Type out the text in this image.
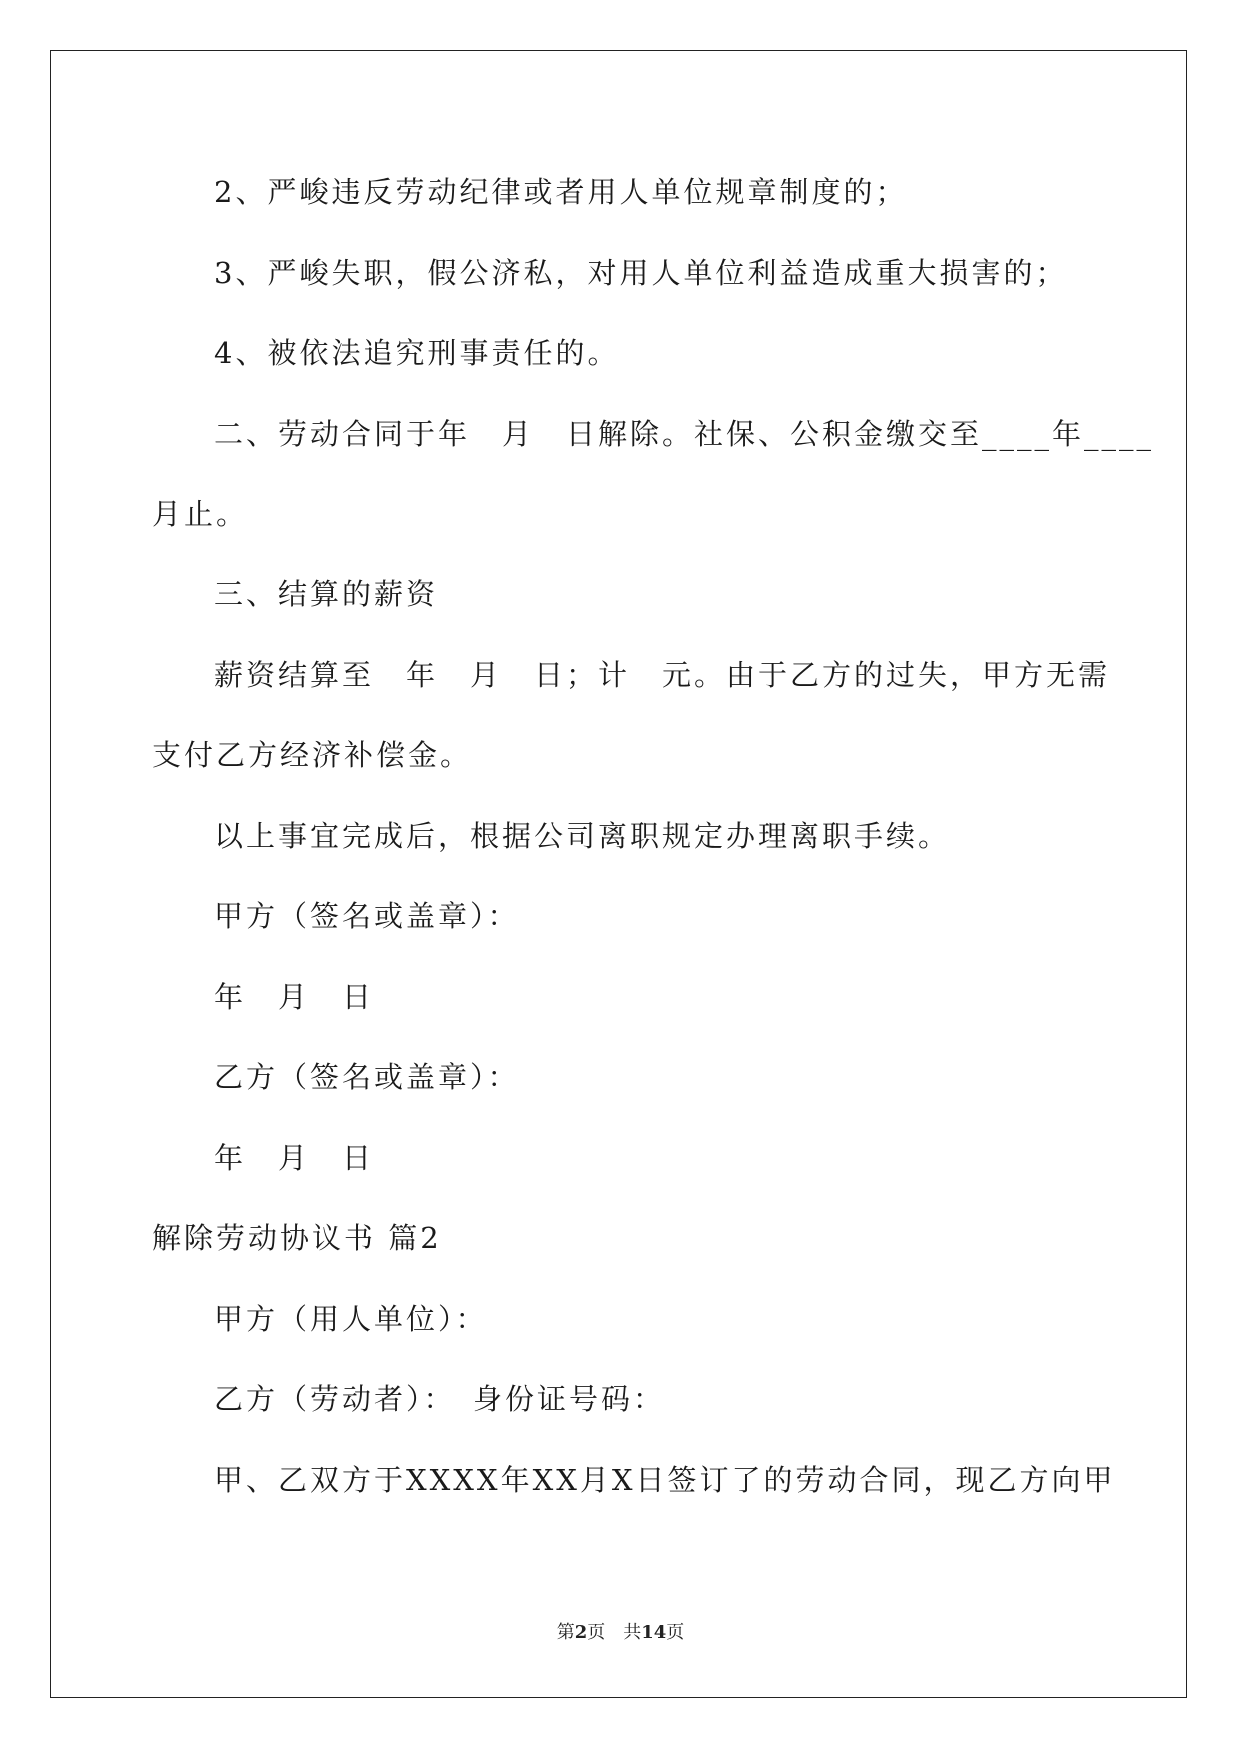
2、严峻违反劳动纪律或者用人单位规章制度的；
3、严峻失职，假公济私，对用人单位利益造成重大损害的；
4、被依法追究刑事责任的。
二、劳动合同于年　月　日解除。社保、公积金缴交至____年____
月止。
三、结算的薪资
薪资结算至　年　月　日；计　元。由于乙方的过失，甲方无需
支付乙方经济补偿金。
以上事宜完成后，根据公司离职规定办理离职手续。
甲方（签名或盖章）：
年　月　日
乙方（签名或盖章）：
年　月　日
解除劳动协议书 篇2
甲方（用人单位）：
乙方（劳动者）：　身份证号码：
甲、乙双方于XXXX年XX月X日签订了的劳动合同，现乙方向甲
第2页　共14页
